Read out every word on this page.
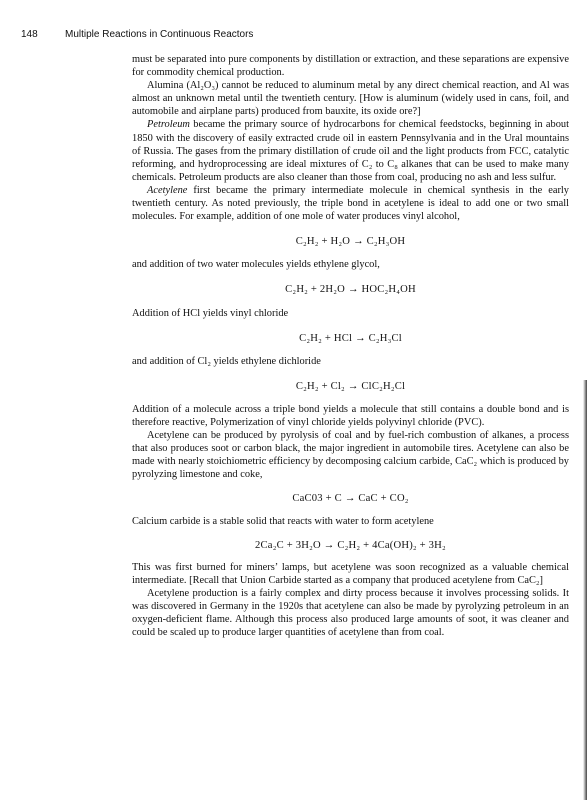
148	Multiple Reactions in Continuous Reactors

must be separated into pure components by distillation or extraction, and these separations are expensive for commodity chemical production.

Alumina (Al₂O₃) cannot be reduced to aluminum metal by any direct chemical reaction, and Al was almost an unknown metal until the twentieth century. [How is aluminum (widely used in cans, foil, and automobile and airplane parts) produced from bauxite, its oxide ore?]

Petroleum became the primary source of hydrocarbons for chemical feedstocks, beginning in about 1850 with the discovery of easily extracted crude oil in eastern Pennsylvania and in the Ural mountains of Russia. The gases from the primary distillation of crude oil and the light products from FCC, catalytic reforming, and hydroprocessing are ideal mixtures of C₂ to C₈ alkanes that can be used to make many chemicals. Petroleum products are also cleaner than those from coal, producing no ash and less sulfur.

Acetylene first became the primary intermediate molecule in chemical synthesis in the early twentieth century. As noted previously, the triple bond in acetylene is ideal to add one or two small molecules. For example, addition of one mole of water produces vinyl alcohol,

C₂H₂ + H₂O → C₂H₃OH

and addition of two water molecules yields ethylene glycol,

C₂H₂ + 2H₂O → HOC₂H₄OH

Addition of HCl yields vinyl chloride

C₂H₂ + HCl → C₂H₃Cl

and addition of Cl₂ yields ethylene dichloride

C₂H₂ + Cl₂ → ClC₂H₂Cl

Addition of a molecule across a triple bond yields a molecule that still contains a double bond and is therefore reactive, Polymerization of vinyl chloride yields polyvinyl chloride (PVC).

Acetylene can be produced by pyrolysis of coal and by fuel-rich combustion of alkanes, a process that also produces soot or carbon black, the major ingredient in automobile tires. Acetylene can also be made with nearly stoichiometric efficiency by decomposing calcium carbide, CaC₂ which is produced by pyrolyzing limestone and coke,

CaC03 + C → CaC + CO₂

Calcium carbide is a stable solid that reacts with water to form acetylene

2Ca₂C + 3H₂O → C₂H₂ + 4Ca(OH)₂ + 3H₂

This was first burned for miners’ lamps, but acetylene was soon recognized as a valuable chemical intermediate. [Recall that Union Carbide started as a company that produced acetylene from CaC₂]

Acetylene production is a fairly complex and dirty process because it involves processing solids. It was discovered in Germany in the 1920s that acetylene can also be made by pyrolyzing petroleum in an oxygen-deficient flame. Although this process also produced large amounts of soot, it was cleaner and could be scaled up to produce larger quantities of acetylene than from coal.
